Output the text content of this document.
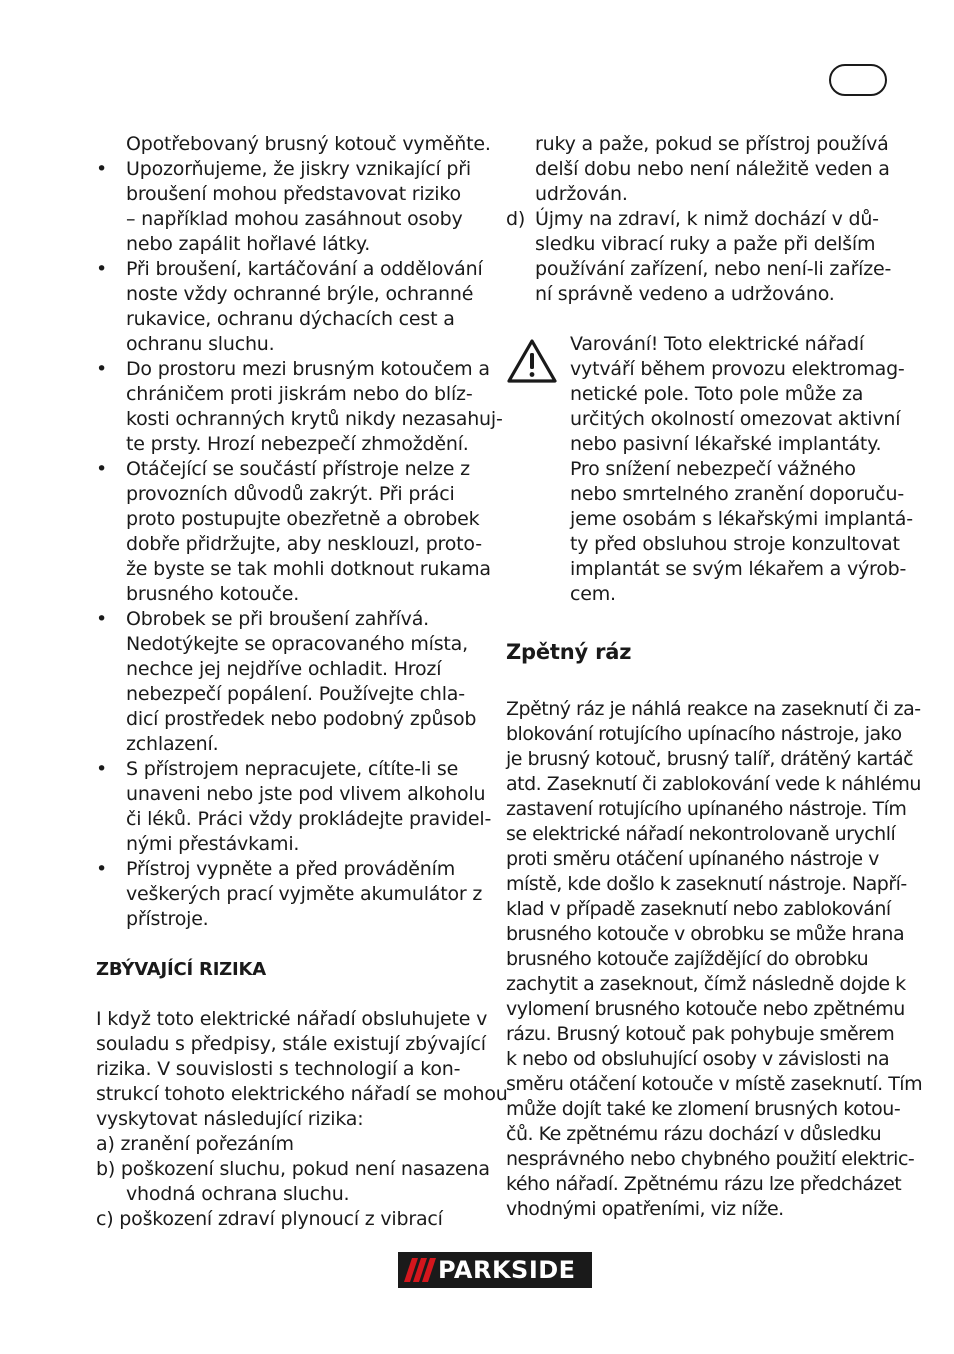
Opotřebovaný brusný kotouč vyměňte.
• Upozorňujeme, že jiskry vznikající při
broušení mohou představovat riziko
– například mohou zasáhnout osoby
nebo zapálit hořlavé látky.
• Při broušení, kartáčování a oddělování
noste vždy ochranné brýle, ochranné
rukavice, ochranu dýchacích cest a
ochranu sluchu.
• Do prostoru mezi brusným kotoučem a
chráničem proti jiskrám nebo do blíz-
kosti ochranných krytů nikdy nezasahuj-
te prsty. Hrozí nebezpečí zhmoždění.
• Otáčející se součástí přístroje nelze z
provozních důvodů zakrýt. Při práci
proto postupujte obezřetně a obrobek
dobře přidržujte, aby nesklouzl, proto-
že byste se tak mohli dotknout rukama
brusného kotouče.
• Obrobek se při broušení zahřívá.
Nedotýkejte se opracovaného místa,
nechce jej nejdříve ochladit. Hrozí
nebezpečí popálení. Používejte chla-
dicí prostředek nebo podobný způsob
zchlazení.
• S přístrojem nepracujete, cítíte-li se
unaveni nebo jste pod vlivem alkoholu
či léků. Práci vždy prokládejte pravidel-
nými přestávkami.
• Přístroj vypněte a před prováděním
veškerých prací vyjměte akumulátor z
přístroje.
ZBÝVAJÍCÍ RIZIKA
I když toto elektrické nářadí obsluhujete v
souladu s předpisy, stále existují zbývající
rizika. V souvislosti s technologií a kon-
strukcí tohoto elektrického nářadí se mohou
vyskytovat následující rizika:
a) zranění pořezáním
b) poškození sluchu, pokud není nasazena
vhodná ochrana sluchu.
c) poškození zdraví plynoucí z vibrací
ruky a paže, pokud se přístroj používá
delší dobu nebo není náležitě veden a
udržován.
d) Újmy na zdraví, k nimž dochází v dů-
sledku vibrací ruky a paže při delším
používání zařízení, nebo není-li zaříze-
ní správně vedeno a udržováno.
Varování! Toto elektrické nářadí
vytváří během provozu elektromag-
netické pole. Toto pole může za
určitých okolností omezovat aktivní
nebo pasivní lékařské implantáty.
Pro snížení nebezpečí vážného
nebo smrtelného zranění doporuču-
jeme osobám s lékařskými implantá-
ty před obsluhou stroje konzultovat
implantát se svým lékařem a výrob-
cem.
Zpětný ráz
Zpětný ráz je náhlá reakce na zaseknutí či za-
blokování rotujícího upínacího nástroje, jako
je brusný kotouč, brusný talíř, drátěný kartáč
atd. Zaseknutí či zablokování vede k náhlému
zastavení rotujícího upínaného nástroje. Tím
se elektrické nářadí nekontrolovaně urychlí
proti směru otáčení upínaného nástroje v
místě, kde došlo k zaseknutí nástroje. Napří-
klad v případě zaseknutí nebo zablokování
brusného kotouče v obrobku se může hrana
brusného kotouče zajíždějící do obrobku
zachytit a zaseknout, čímž následně dojde k
vylomení brusného kotouče nebo zpětnému
rázu. Brusný kotouč pak pohybuje směrem
k nebo od obsluhující osoby v závislosti na
směru otáčení kotouče v místě zaseknutí. Tím
může dojít také ke zlomení brusných kotou-
čů. Ke zpětnému rázu dochází v důsledku
nesprávného nebo chybného použití elektric-
kého nářadí. Zpětnému rázu lze předcházet
vhodnými opatřeními, viz níže.
PARKSIDE
